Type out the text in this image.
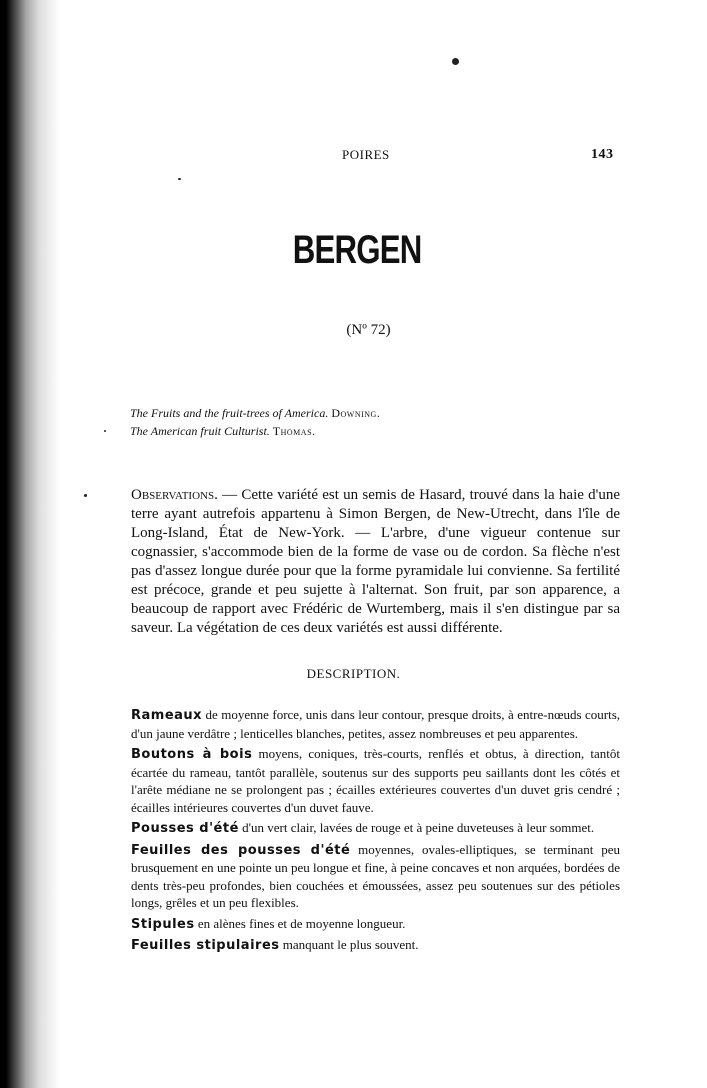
POIRES	143
BERGEN
(Nº 72)
The Fruits and the fruit-trees of America. Downing.
The American fruit Culturist. Thomas.
Observations. — Cette variété est un semis de Hasard, trouvé dans la haie d'une terre ayant autrefois appartenu à Simon Bergen, de New-Utrecht, dans l'île de Long-Island, État de New-York. — L'arbre, d'une vigueur contenue sur cognassier, s'accommode bien de la forme de vase ou de cordon. Sa flèche n'est pas d'assez longue durée pour que la forme pyramidale lui convienne. Sa fertilité est précoce, grande et peu sujette à l'alternat. Son fruit, par son apparence, a beaucoup de rapport avec Frédéric de Wurtemberg, mais il s'en distingue par sa saveur. La végétation de ces deux variétés est aussi différente.
DESCRIPTION.

Rameaux de moyenne force, unis dans leur contour, presque droits, à entre-nœuds courts, d'un jaune verdâtre ; lenticelles blanches, petites, assez nombreuses et peu apparentes.

Boutons à bois moyens, coniques, très-courts, renflés et obtus, à direction, tantôt écartée du rameau, tantôt parallèle, soutenus sur des supports peu saillants dont les côtés et l'arête médiane ne se prolongent pas ; écailles extérieures couvertes d'un duvet gris cendré ; écailles intérieures couvertes d'un duvet fauve.

Pousses d'été d'un vert clair, lavées de rouge et à peine duveteuses à leur sommet.

Feuilles des pousses d'été moyennes, ovales-elliptiques, se terminant peu brusquement en une pointe un peu longue et fine, à peine concaves et non arquées, bordées de dents très-peu profondes, bien couchées et émoussées, assez peu soutenues sur des pétioles longs, grêles et un peu flexibles.

Stipules en alènes fines et de moyenne longueur.

Feuilles stipulaires manquant le plus souvent.
